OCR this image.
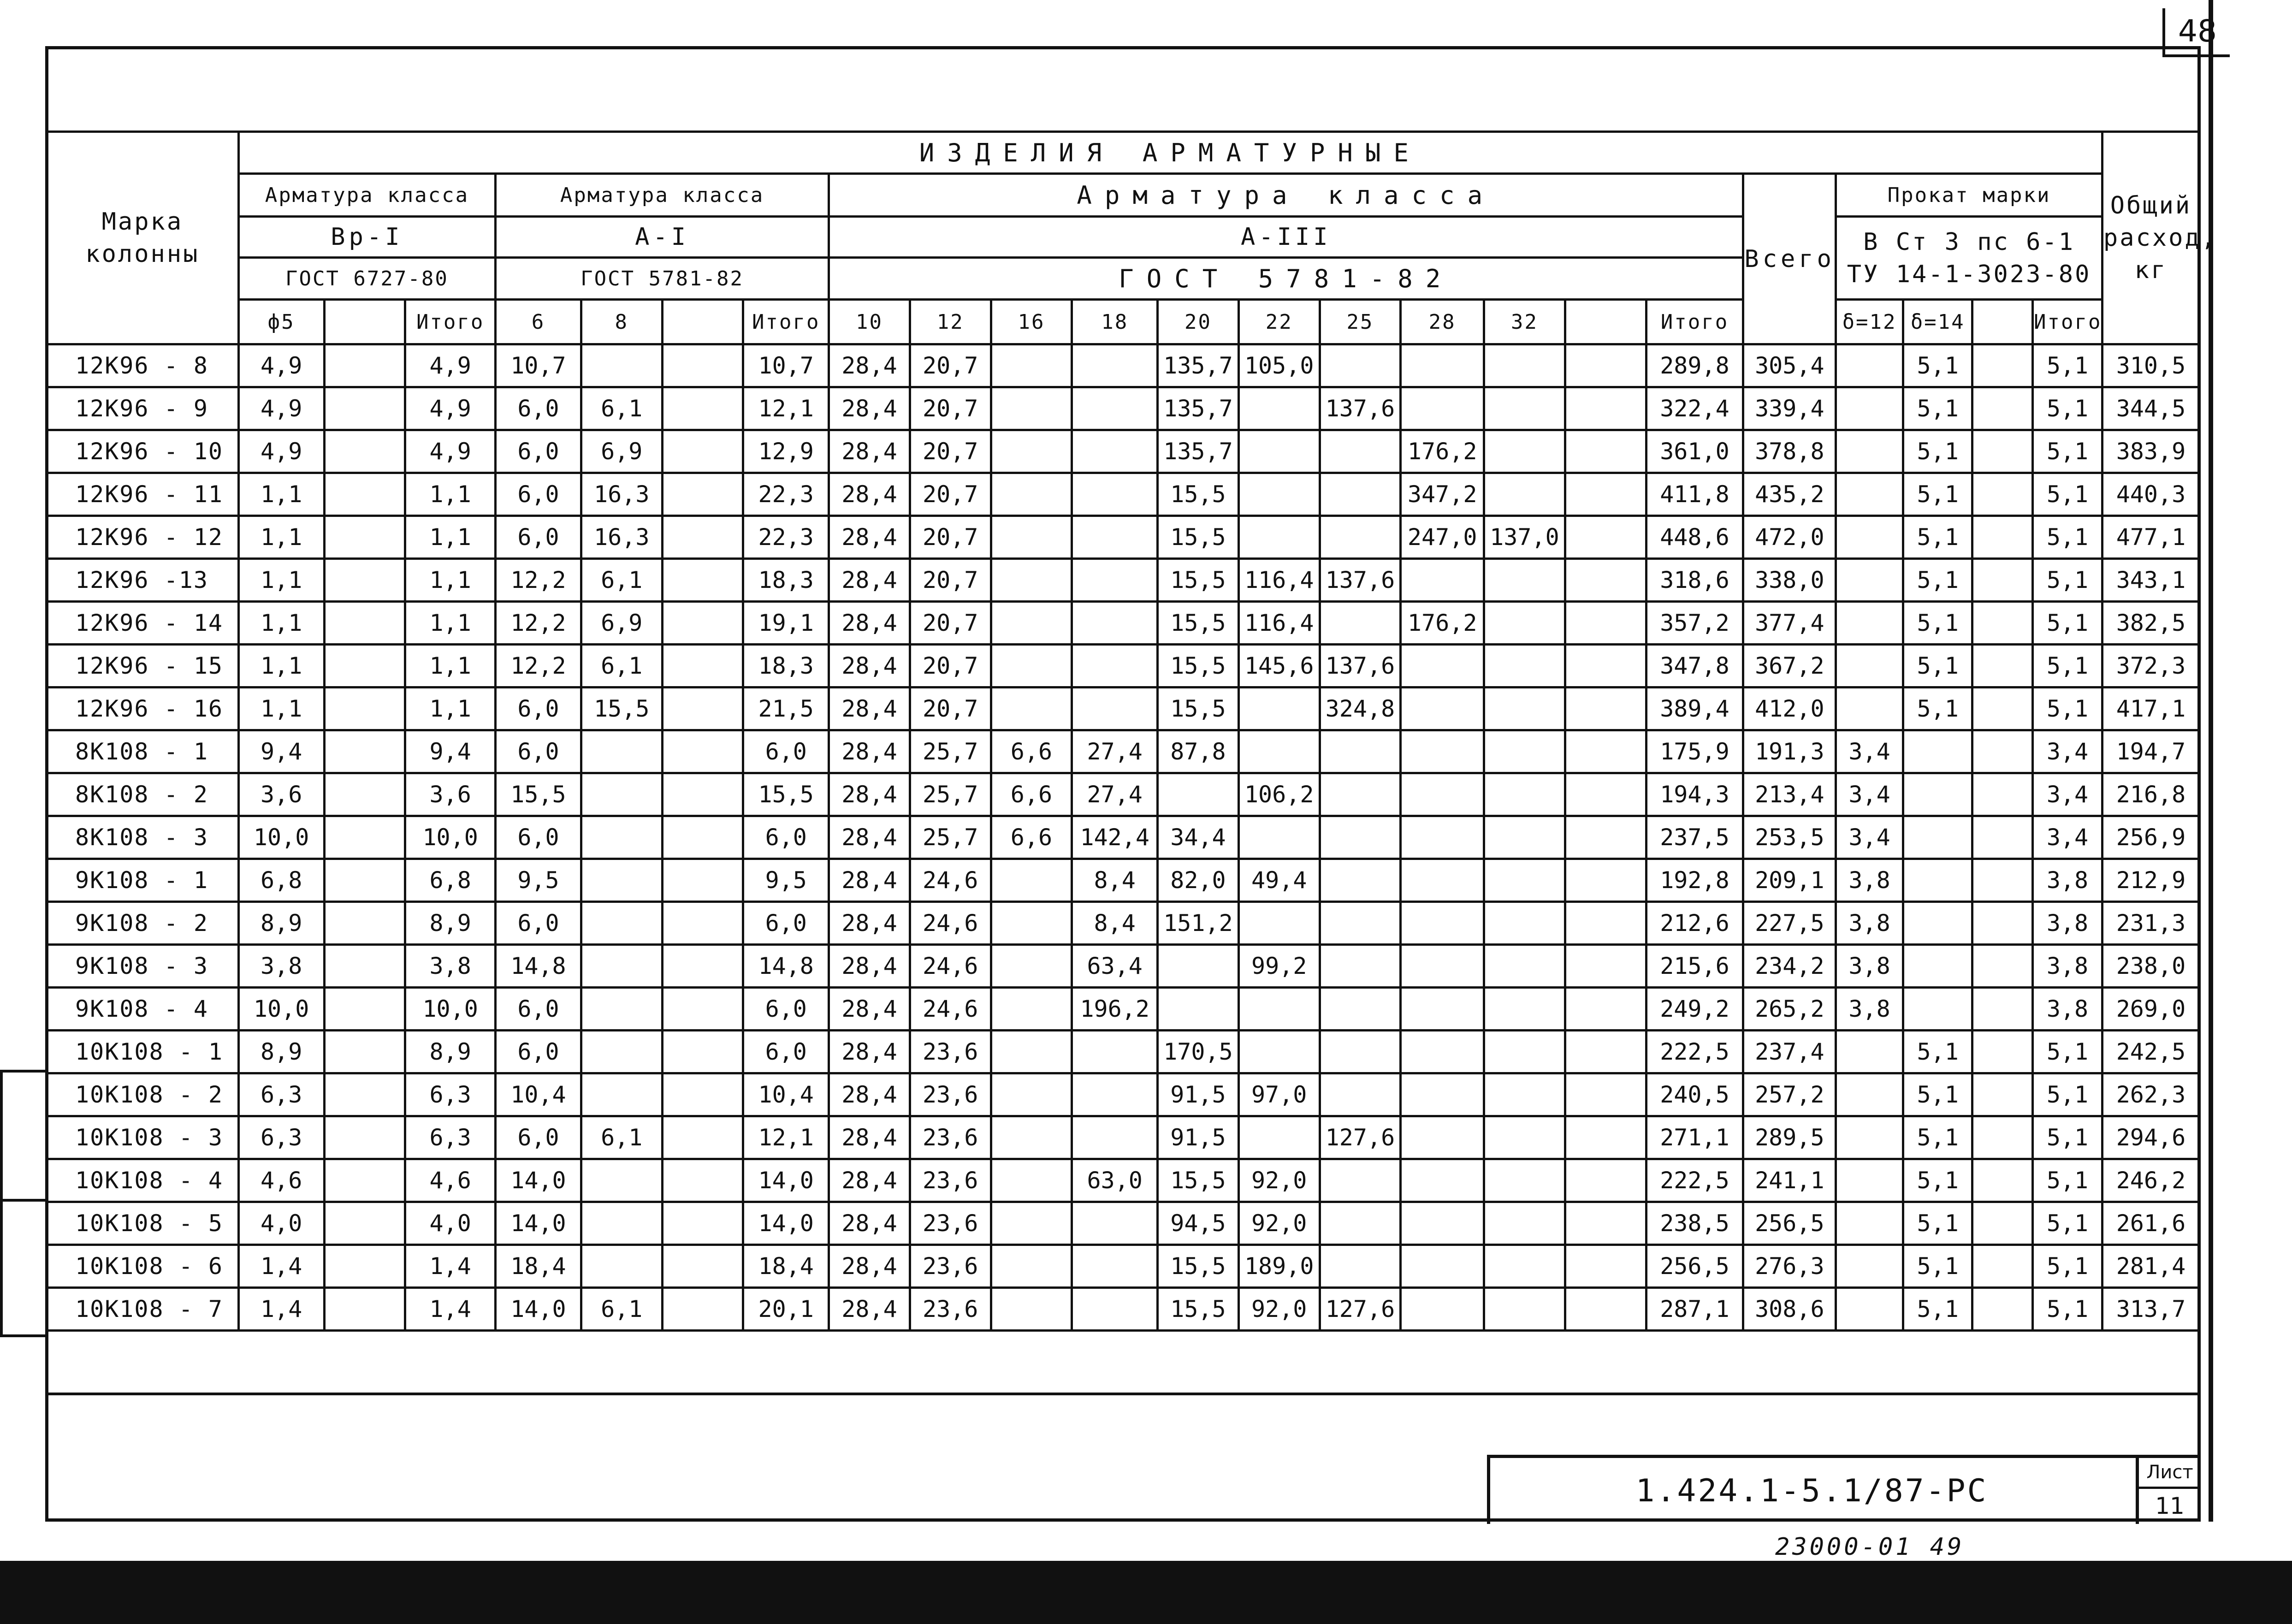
48
Марка колонны	ИЗДЕЛИЯ АРМАТУРНЫЕ																							Общий
расход,
кг
	Арматура класса			Арматура класса				Арматура класса											Всего	Прокат марки				
	Вр-I			А-I				А-III												В Ст 3 пс 6-1
ТУ 14-1-3023-80				
	ГОСТ 6727-80			ГОСТ 5781-82				ГОСТ 5781-82																
	ф5		Итого	6	8		Итого	10	12	16	18	20	22	25	28	32		Итого		δ=12	δ=14		Итого	
12К96 - 8	4,9		4,9	10,7			10,7	28,4	20,7			135,7	105,0					289,8	305,4		5,1		5,1	310,5
12К96 - 9	4,9		4,9	6,0	6,1		12,1	28,4	20,7			135,7		137,6				322,4	339,4		5,1		5,1	344,5
12К96 - 10	4,9		4,9	6,0	6,9		12,9	28,4	20,7			135,7			176,2			361,0	378,8		5,1		5,1	383,9
12К96 - 11	1,1		1,1	6,0	16,3		22,3	28,4	20,7			15,5			347,2			411,8	435,2		5,1		5,1	440,3
12К96 - 12	1,1		1,1	6,0	16,3		22,3	28,4	20,7			15,5			247,0	137,0		448,6	472,0		5,1		5,1	477,1
12К96 -13	1,1		1,1	12,2	6,1		18,3	28,4	20,7			15,5	116,4	137,6				318,6	338,0		5,1		5,1	343,1
12К96 - 14	1,1		1,1	12,2	6,9		19,1	28,4	20,7			15,5	116,4		176,2			357,2	377,4		5,1		5,1	382,5
12К96 - 15	1,1		1,1	12,2	6,1		18,3	28,4	20,7			15,5	145,6	137,6				347,8	367,2		5,1		5,1	372,3
12К96 - 16	1,1		1,1	6,0	15,5		21,5	28,4	20,7			15,5		324,8				389,4	412,0		5,1		5,1	417,1
8К108 - 1	9,4		9,4	6,0			6,0	28,4	25,7	6,6	27,4	87,8						175,9	191,3	3,4			3,4	194,7
8К108 - 2	3,6		3,6	15,5			15,5	28,4	25,7	6,6	27,4		106,2					194,3	213,4	3,4			3,4	216,8
8К108 - 3	10,0		10,0	6,0			6,0	28,4	25,7	6,6	142,4	34,4						237,5	253,5	3,4			3,4	256,9
9К108 - 1	6,8		6,8	9,5			9,5	28,4	24,6		8,4	82,0	49,4					192,8	209,1	3,8			3,8	212,9
9К108 - 2	8,9		8,9	6,0			6,0	28,4	24,6		8,4	151,2						212,6	227,5	3,8			3,8	231,3
9К108 - 3	3,8		3,8	14,8			14,8	28,4	24,6		63,4		99,2					215,6	234,2	3,8			3,8	238,0
9К108 - 4	10,0		10,0	6,0			6,0	28,4	24,6		196,2							249,2	265,2	3,8			3,8	269,0
10К108 - 1	8,9		8,9	6,0			6,0	28,4	23,6			170,5						222,5	237,4		5,1		5,1	242,5
10К108 - 2	6,3		6,3	10,4			10,4	28,4	23,6			91,5	97,0					240,5	257,2		5,1		5,1	262,3
10К108 - 3	6,3		6,3	6,0	6,1		12,1	28,4	23,6			91,5		127,6				271,1	289,5		5,1		5,1	294,6
10К108 - 4	4,6		4,6	14,0			14,0	28,4	23,6		63,0	15,5	92,0					222,5	241,1		5,1		5,1	246,2
10К108 - 5	4,0		4,0	14,0			14,0	28,4	23,6			94,5	92,0					238,5	256,5		5,1		5,1	261,6
10К108 - 6	1,4		1,4	18,4			18,4	28,4	23,6			15,5	189,0					256,5	276,3		5,1		5,1	281,4
10К108 - 7	1,4		1,4	14,0	6,1		20,1	28,4	23,6			15,5	92,0	127,6				287,1	308,6		5,1		5,1	313,7
1.424.1-5.1/87-РС
Лист
11
23000-01 49
